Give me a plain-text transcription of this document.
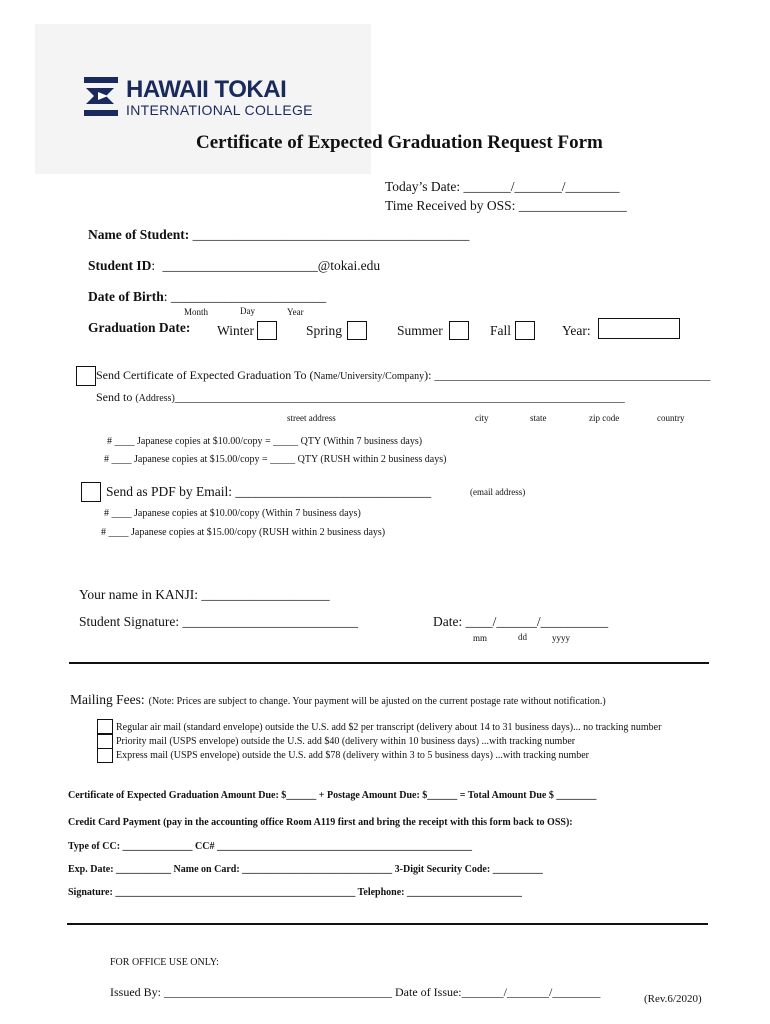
HAWAII TOKAI
INTERNATIONAL COLLEGE
Certificate of Expected Graduation Request Form
Today’s Date: _______/_______/________
Time Received by OSS: ________________
Name of Student: _________________________________________
Student ID: _______________________@tokai.edu
Date of Birth: _______________________
Month	Day	Year
Graduation Date: Winter	Spring	Summer	Fall	Year:
Send Certificate of Expected Graduation To (Name/University/Company): ______________________________________________
Send to (Address)___________________________________________________________________________
street address	city	state	zip code	country
# ____ Japanese copies at $10.00/copy = _____ QTY (Within 7 business days)
# ____ Japanese copies at $15.00/copy = _____ QTY (RUSH within 2 business days)
Send as PDF by Email: _____________________________	(email address)
# ____ Japanese copies at $10.00/copy (Within 7 business days)
# ____ Japanese copies at $15.00/copy (RUSH within 2 business days)
Your name in KANJI: ___________________
Student Signature: __________________________	Date: ____/______/__________
mm	dd	yyyy
Mailing Fees: (Note: Prices are subject to change. Your payment will be ajusted on the current postage rate without notification.)
Regular air mail (standard envelope) outside the U.S. add $2 per transcript (delivery about 14 to 31 business days)... no tracking number
Priority mail (USPS envelope) outside the U.S. add $40 (delivery within 10 business days) ...with tracking number
Express mail (USPS envelope) outside the U.S. add $78 (delivery within 3 to 5 business days) ...with tracking number
Certificate of Expected Graduation Amount Due: $______ + Postage Amount Due: $______ = Total Amount Due $ ________
Credit Card Payment (pay in the accounting office Room A119 first and bring the receipt with this form back to OSS):
Type of CC: ______________ CC# ___________________________________________________
Exp. Date: ___________ Name on Card: ______________________________ 3-Digit Security Code: __________
Signature: ________________________________________________ Telephone: _______________________
FOR OFFICE USE ONLY:
Issued By: ______________________________________ Date of Issue:_______/_______/________	(Rev.6/2020)
